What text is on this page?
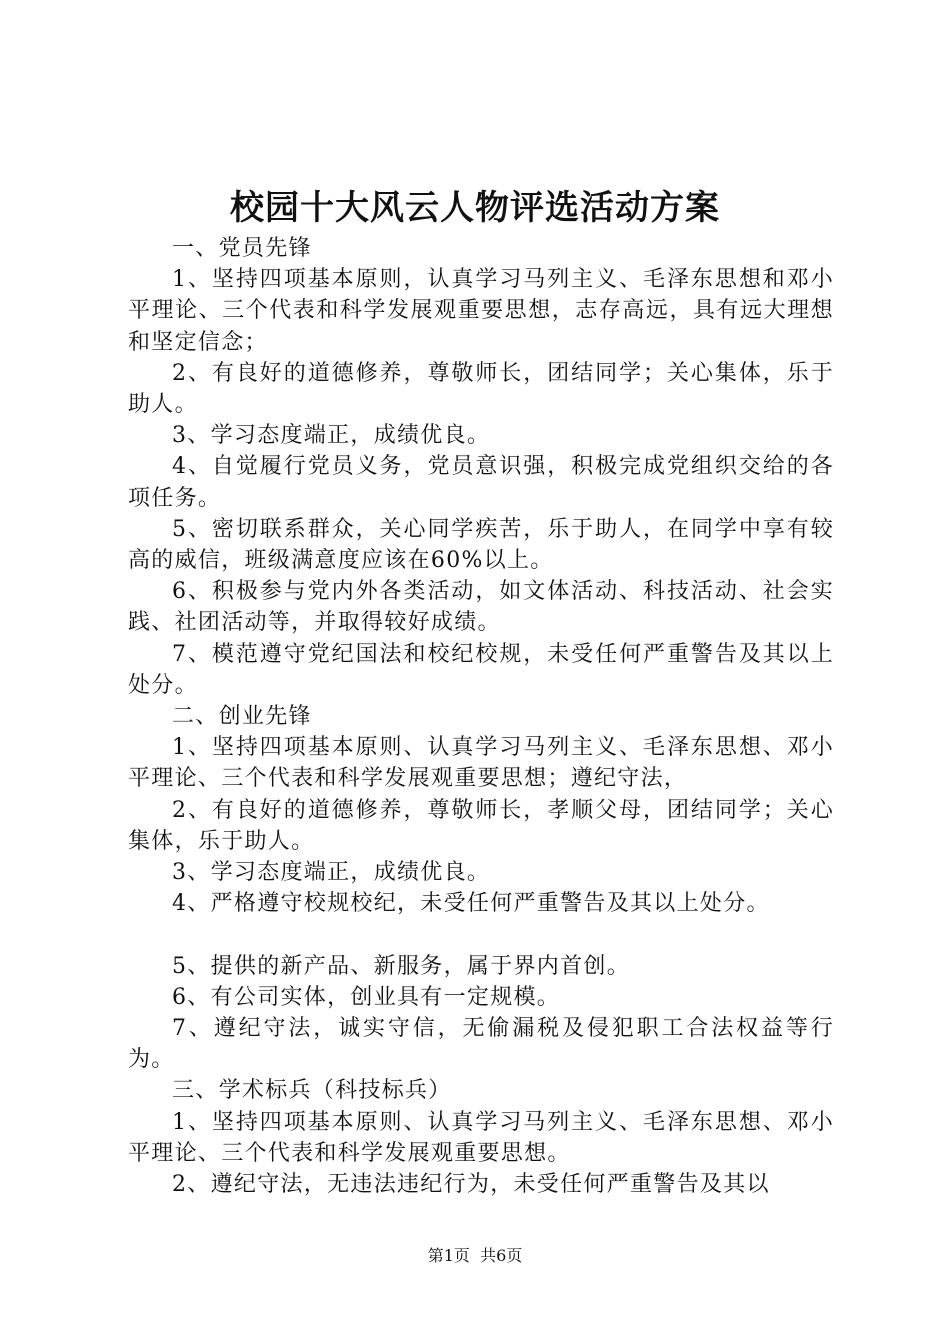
校园十大风云人物评选活动方案

一、党员先锋

1、坚持四项基本原则，认真学习马列主义、毛泽东思想和邓小平理论、三个代表和科学发展观重要思想，志存高远，具有远大理想和坚定信念；

2、有良好的道德修养，尊敬师长，团结同学；关心集体，乐于助人。

3、学习态度端正，成绩优良。

4、自觉履行党员义务，党员意识强，积极完成党组织交给的各项任务。

5、密切联系群众，关心同学疾苦，乐于助人，在同学中享有较高的威信，班级满意度应该在60%以上。

6、积极参与党内外各类活动，如文体活动、科技活动、社会实践、社团活动等，并取得较好成绩。

7、模范遵守党纪国法和校纪校规，未受任何严重警告及其以上处分。

二、创业先锋

1、坚持四项基本原则、认真学习马列主义、毛泽东思想、邓小平理论、三个代表和科学发展观重要思想；遵纪守法，

2、有良好的道德修养，尊敬师长，孝顺父母，团结同学；关心集体，乐于助人。

3、学习态度端正，成绩优良。

4、严格遵守校规校纪，未受任何严重警告及其以上处分。

5、提供的新产品、新服务，属于界内首创。

6、有公司实体，创业具有一定规模。

7、遵纪守法，诚实守信，无偷漏税及侵犯职工合法权益等行为。

三、学术标兵（科技标兵）

1、坚持四项基本原则、认真学习马列主义、毛泽东思想、邓小平理论、三个代表和科学发展观重要思想。

2、遵纪守法，无违法违纪行为，未受任何严重警告及其以

第1页  共6页
